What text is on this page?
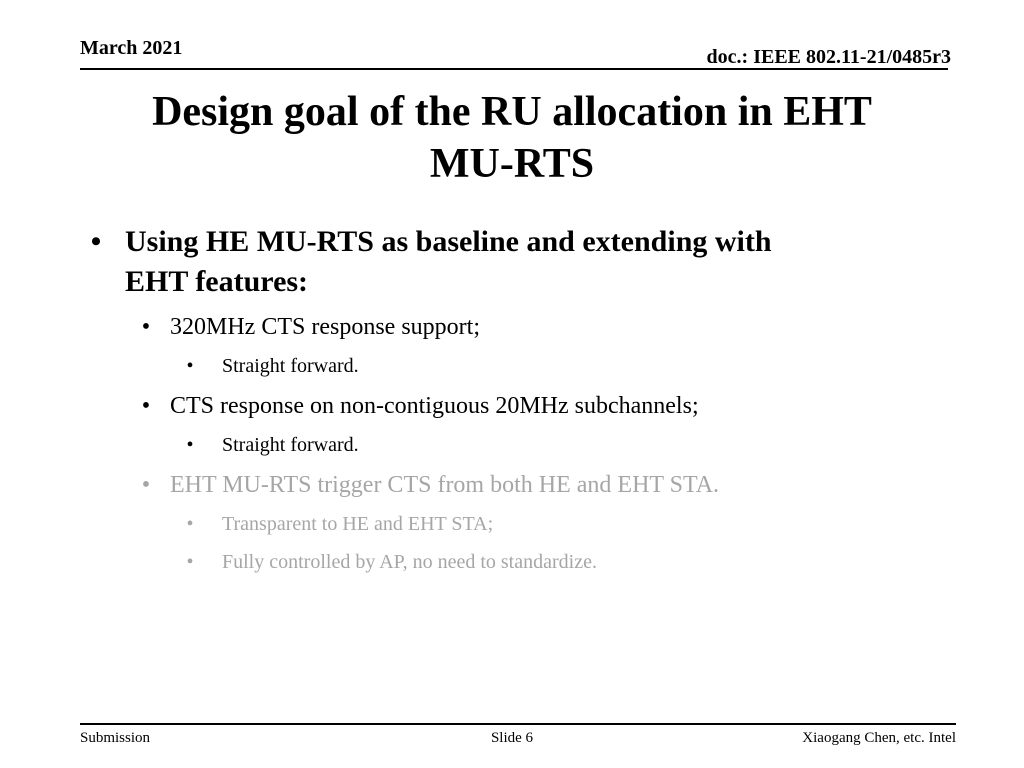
March 2021	doc.: IEEE 802.11-21/0485r3
Design goal of the RU allocation in EHT
MU-RTS
• Using HE MU-RTS as baseline and extending with
EHT features:
• 320MHz CTS response support;
• Straight forward.
• CTS response on non-contiguous 20MHz subchannels;
• Straight forward.
• EHT MU-RTS trigger CTS from both HE and EHT STA.
• Transparent to HE and EHT STA;
• Fully controlled by AP, no need to standardize.
Submission	Slide 6	Xiaogang Chen, etc. Intel
